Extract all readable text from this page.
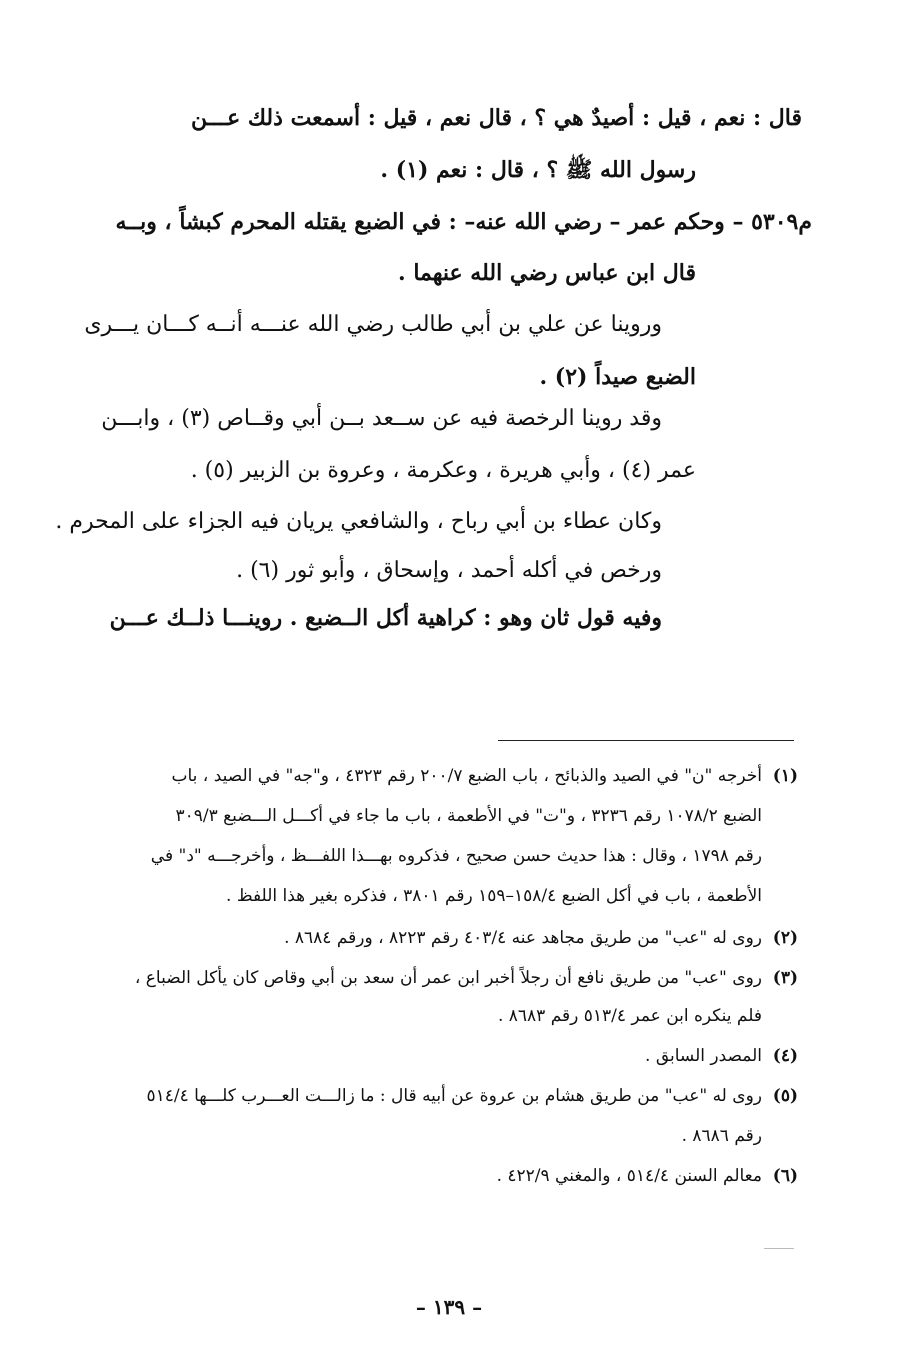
قال : نعم ، قيل : أصيدٌ هي ؟ ، قال نعم ، قيل : أسمعت ذلك عـــن
رسول الله ﷺ ؟ ، قال : نعم (١) .
م٥٣٠٩ – وحكم عمر – رضي الله عنه– : في الضبع يقتله المحرم كبشاً ، وبــه
قال ابن عباس رضي الله عنهما .
وروينا عن علي بن أبي طالب رضي الله عنـــه أنــه كـــان يـــرى
الضبع صيداً (٢) .
وقد روينا الرخصة فيه عن ســعد بــن أبي وقــاص (٣) ، وابـــن
عمر (٤) ، وأبي هريرة ، وعكرمة ، وعروة بن الزبير (٥) .
وكان عطاء بن أبي رباح ، والشافعي يريان فيه الجزاء على المحرم .
ورخص في أكله أحمد ، وإسحاق ، وأبو ثور (٦) .
وفيه قول ثان وهو : كراهية أكل الــضبع . روينـــا ذلــك عـــن
(١)أخرجه "ن" في الصيد والذبائح ، باب الضبع ٢٠٠/٧ رقم ٤٣٢٣ ، و"جه" في الصيد ، باب
الضبع ١٠٧٨/٢ رقم ٣٢٣٦ ، و"ت" في الأطعمة ، باب ما جاء في أكـــل الـــضبع ٣٠٩/٣
رقم ١٧٩٨ ، وقال : هذا حديث حسن صحيح ، فذكروه بهـــذا اللفـــظ ، وأخرجـــه "د" في
الأطعمة ، باب في أكل الضبع ١٥٨/٤–١٥٩ رقم ٣٨٠١ ، فذكره بغير هذا اللفظ .
(٢)روى له "عب" من طريق مجاهد عنه ٤٠٣/٤ رقم ٨٢٢٣ ، ورقم ٨٦٨٤ .
(٣)روى "عب" من طريق نافع أن رجلاً أخبر ابن عمر أن سعد بن أبي وقاص كان يأكل الضباع ،
فلم ينكره ابن عمر ٥١٣/٤ رقم ٨٦٨٣ .
(٤)المصدر السابق .
(٥)روى له "عب" من طريق هشام بن عروة عن أبيه قال : ما زالـــت العـــرب كلـــها ٥١٤/٤
رقم ٨٦٨٦ .
(٦)معالم السنن ٥١٤/٤ ، والمغني ٤٢٢/٩ .
– ١٣٩ –
